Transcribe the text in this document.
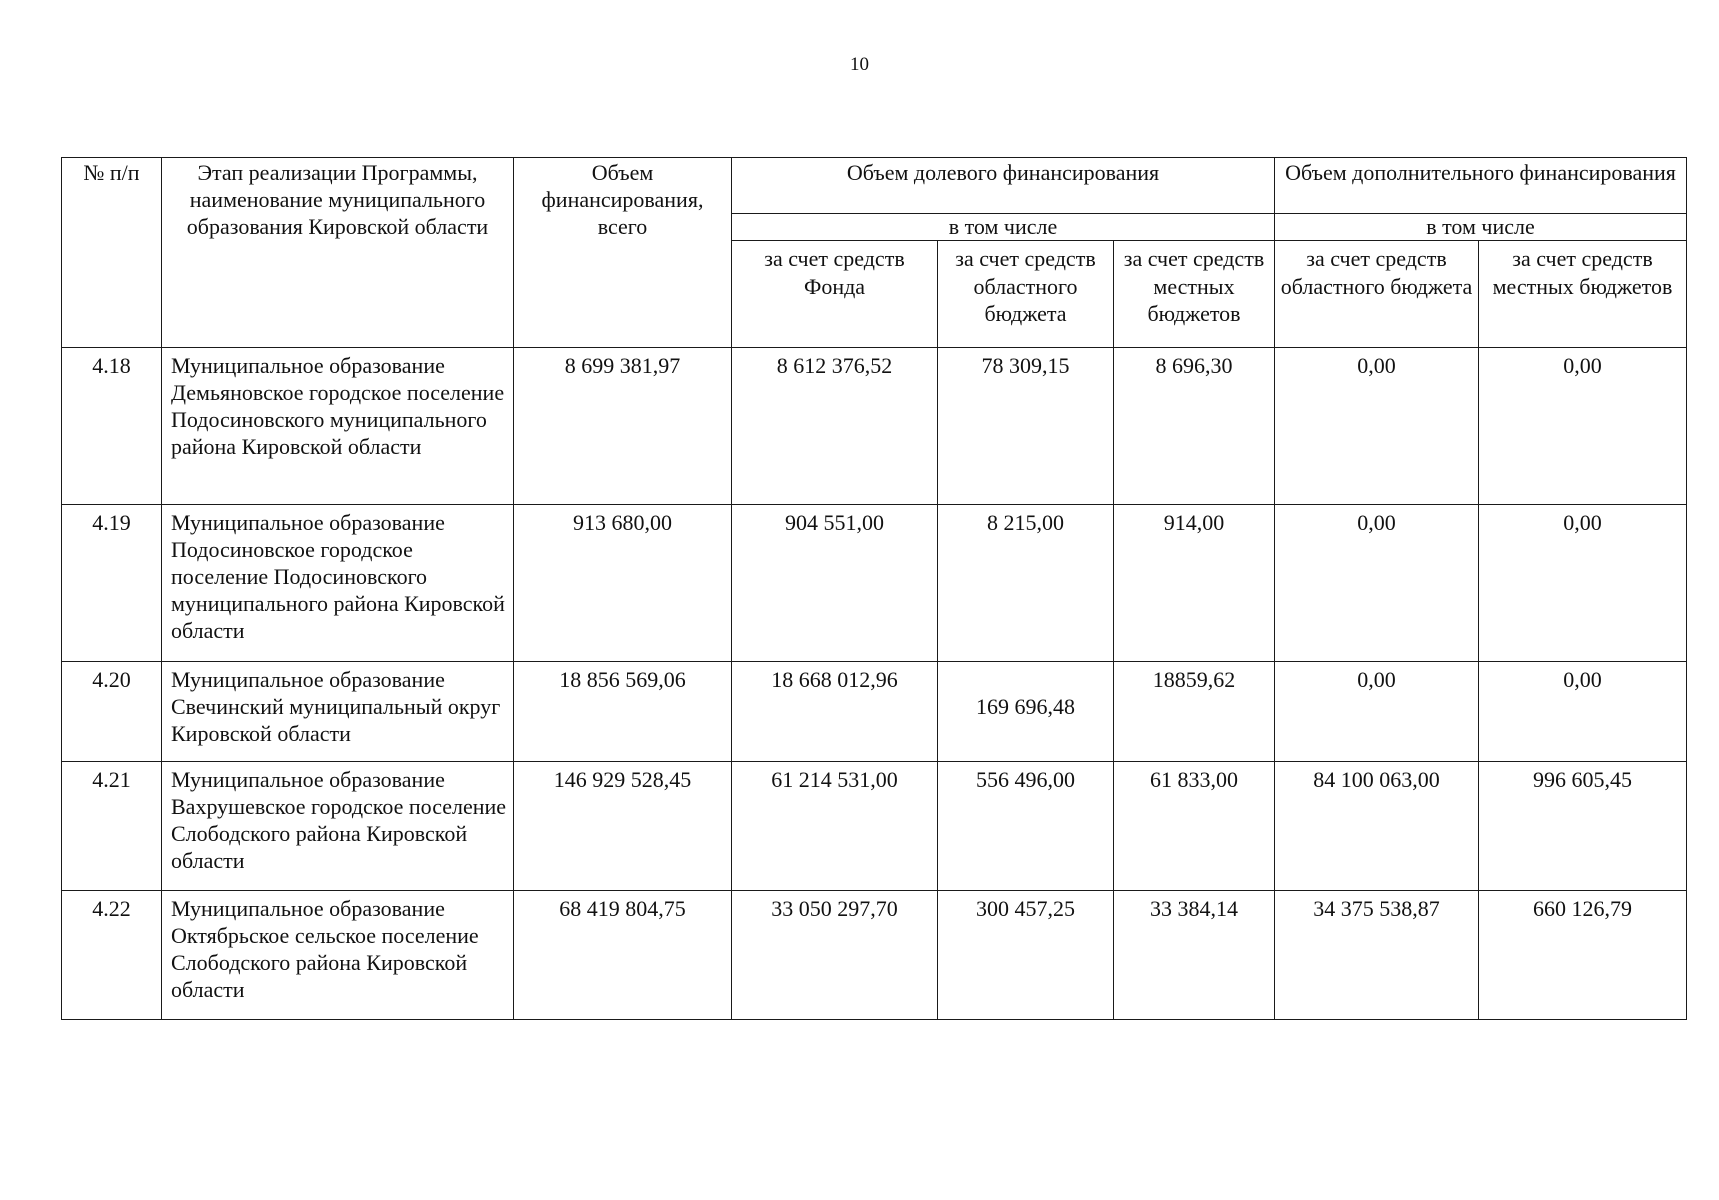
10
№ п/п	Этап реализации Программы, наименование муниципального образования Кировской области	Объем финансирования, всего	Объем долевого финансирования			Объем дополнительного финансирования	
			в том числе			в том числе	
			за счет средств Фонда	за счет средств областного бюджета	за счет средств местных бюджетов	за счет средств областного бюджета	за счет средств местных бюджетов
4.18	Муниципальное образование Демьяновское городское поселение Подосиновского муниципального района Кировской области	8 699 381,97	8 612 376,52	78 309,15	8 696,30	0,00	0,00
4.19	Муниципальное образование Подосиновское городское поселение Подосиновского муниципального района Кировской области	913 680,00	904 551,00	8 215,00	914,00	0,00	0,00
4.20	Муниципальное образование Свечинский муниципальный округ Кировской области	18 856 569,06	18 668 012,96	169 696,48	18859,62	0,00	0,00
4.21	Муниципальное образование Вахрушевское городское поселение Слободского района Кировской области	146 929 528,45	61 214 531,00	556 496,00	61 833,00	84 100 063,00	996 605,45
4.22	Муниципальное образование Октябрьское сельское поселение Слободского района Кировской области	68 419 804,75	33 050 297,70	300 457,25	33 384,14	34 375 538,87	660 126,79
